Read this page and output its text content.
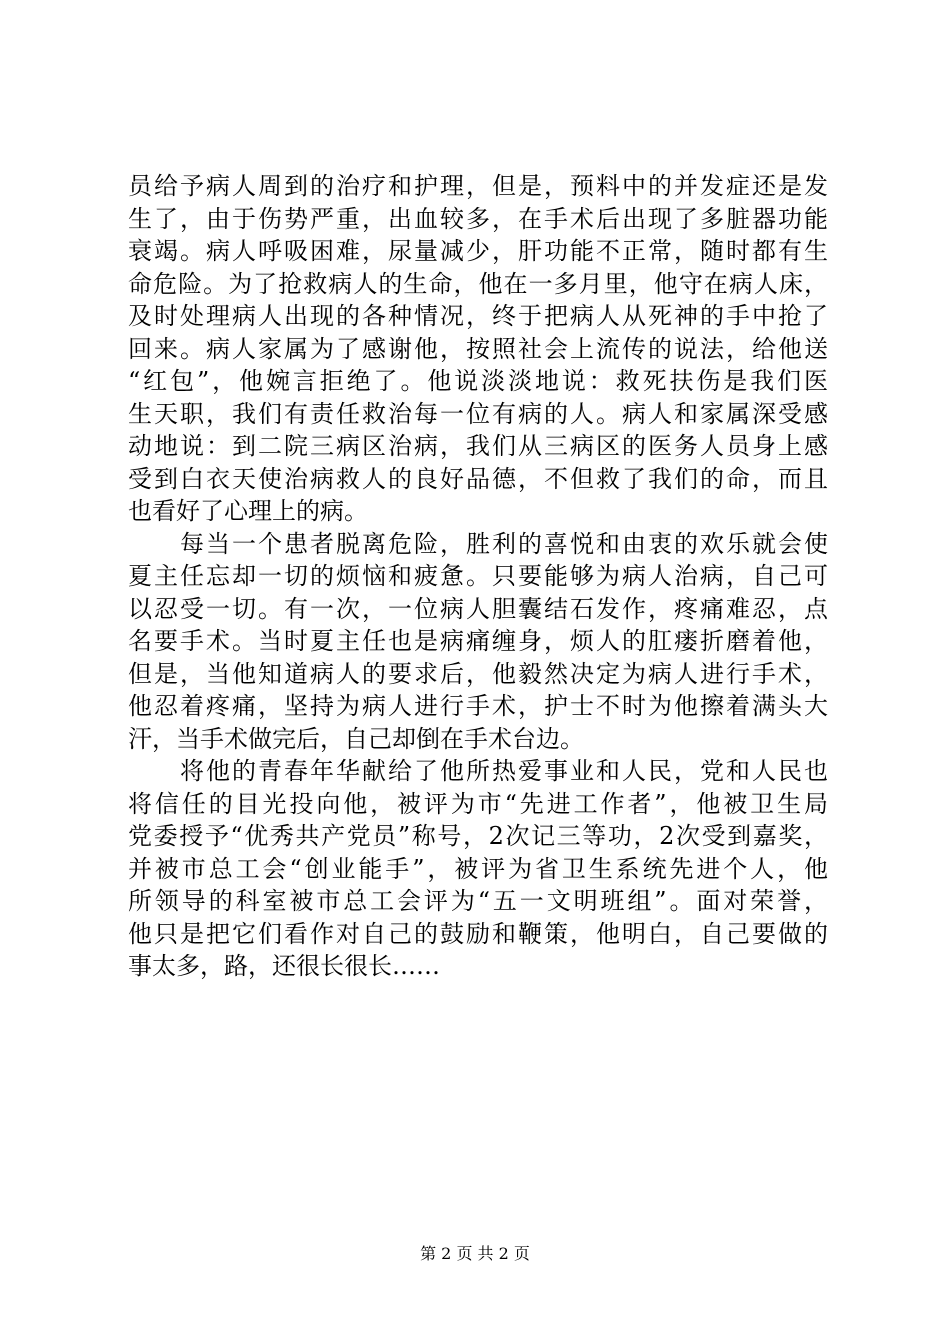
员给予病人周到的治疗和护理，但是，预料中的并发症还是发
生了，由于伤势严重，出血较多，在手术后出现了多脏器功能
衰竭。病人呼吸困难，尿量减少，肝功能不正常，随时都有生
命危险。为了抢救病人的生命，他在一多月里，他守在病人床，
及时处理病人出现的各种情况，终于把病人从死神的手中抢了
回来。病人家属为了感谢他，按照社会上流传的说法，给他送
“红包”，他婉言拒绝了。他说淡淡地说：救死扶伤是我们医
生天职，我们有责任救治每一位有病的人。病人和家属深受感
动地说：到二院三病区治病，我们从三病区的医务人员身上感
受到白衣天使治病救人的良好品德，不但救了我们的命，而且
也看好了心理上的病。
　　每当一个患者脱离危险，胜利的喜悦和由衷的欢乐就会使
夏主任忘却一切的烦恼和疲惫。只要能够为病人治病，自己可
以忍受一切。有一次，一位病人胆囊结石发作，疼痛难忍，点
名要手术。当时夏主任也是病痛缠身，烦人的肛瘘折磨着他，
但是，当他知道病人的要求后，他毅然决定为病人进行手术，
他忍着疼痛，坚持为病人进行手术，护士不时为他擦着满头大
汗，当手术做完后，自己却倒在手术台边。
　　将他的青春年华献给了他所热爱事业和人民，党和人民也
将信任的目光投向他，被评为市“先进工作者”，他被卫生局
党委授予“优秀共产党员”称号，2次记三等功，2次受到嘉奖，
并被市总工会“创业能手”，被评为省卫生系统先进个人，他
所领导的科室被市总工会评为“五一文明班组”。面对荣誉，
他只是把它们看作对自己的鼓励和鞭策，他明白，自己要做的
事太多，路，还很长很长……
第 2 页 共 2 页
